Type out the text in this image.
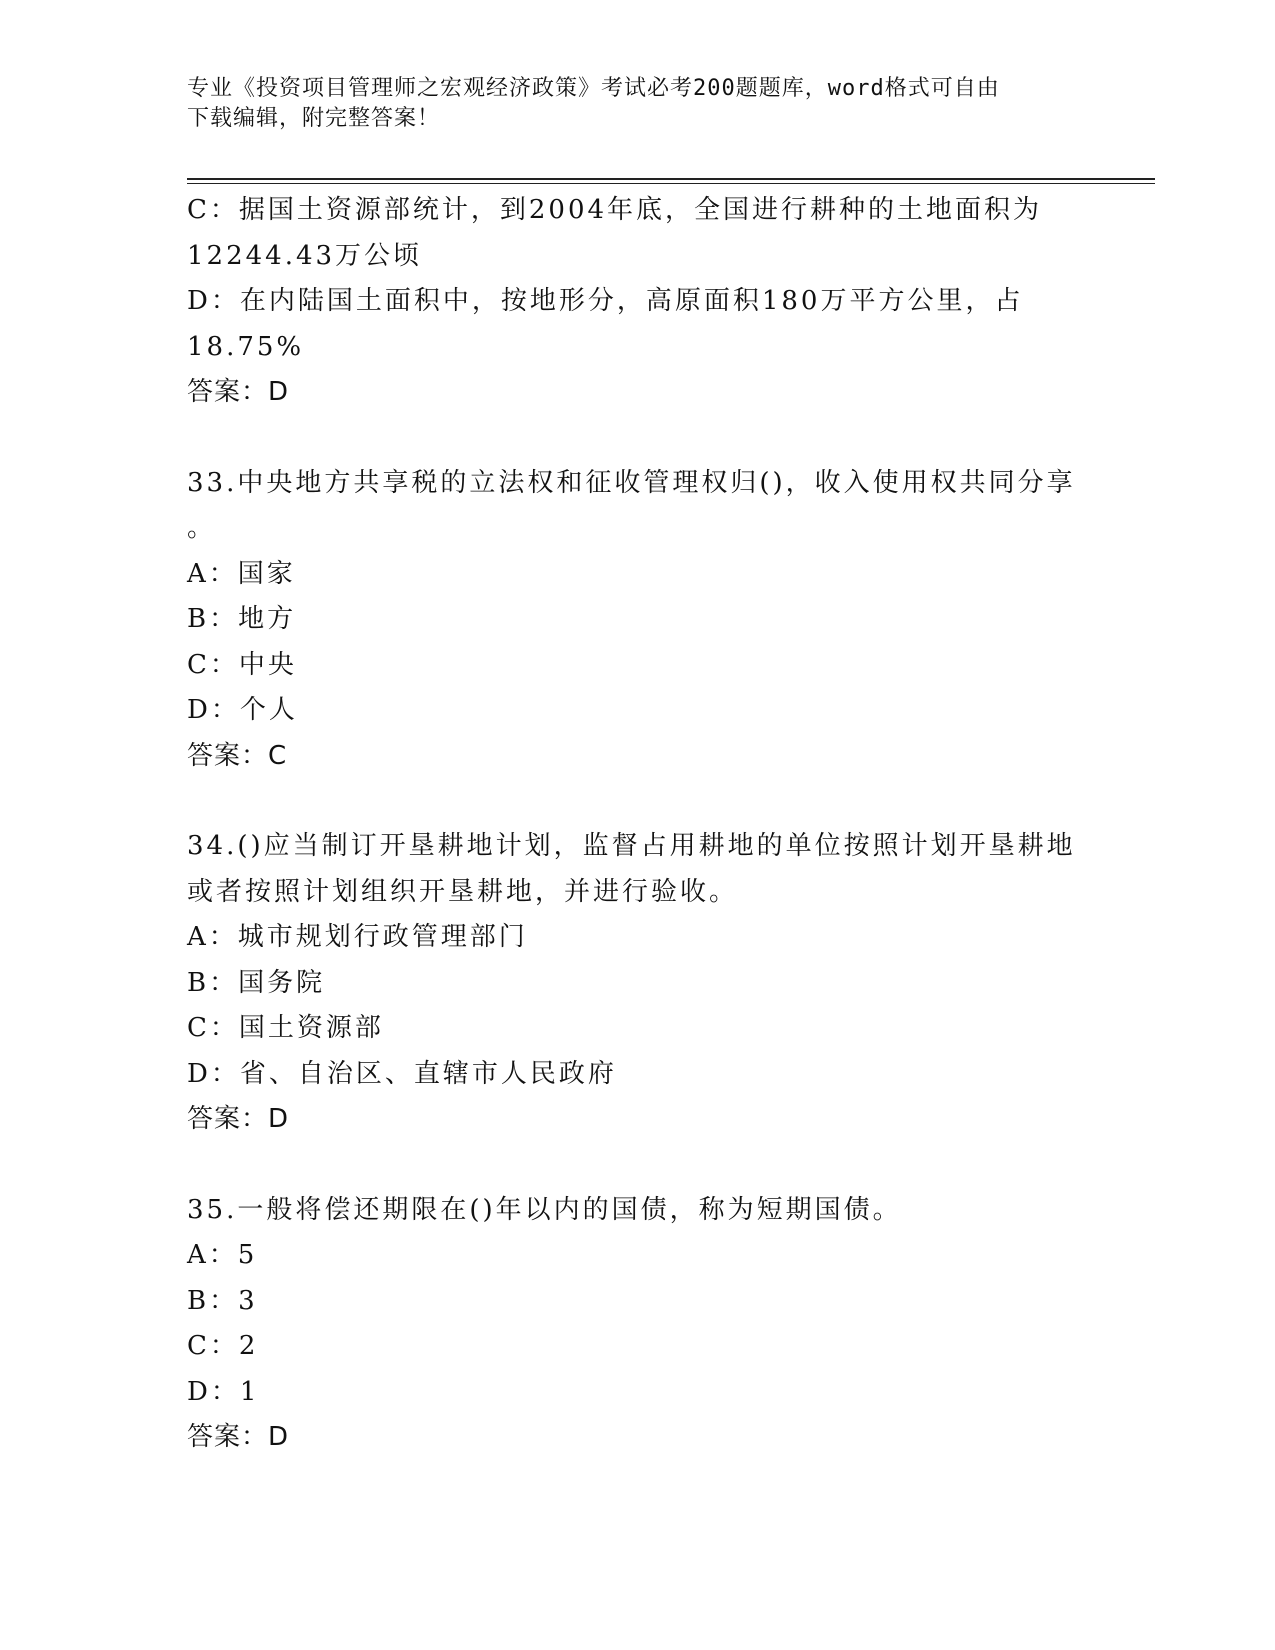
专业《投资项目管理师之宏观经济政策》考试必考200题题库，word格式可自由
下载编辑，附完整答案！
C：据国土资源部统计，到2004年底，全国进行耕种的土地面积为
12244.43万公顷
D：在内陆国土面积中，按地形分，高原面积180万平方公里，占
18.75%
答案：D
33.中央地方共享税的立法权和征收管理权归()，收入使用权共同分享
。
A：国家
B：地方
C：中央
D：个人
答案：C
34.()应当制订开垦耕地计划，监督占用耕地的单位按照计划开垦耕地
或者按照计划组织开垦耕地，并进行验收。
A：城市规划行政管理部门
B：国务院
C：国土资源部
D：省、自治区、直辖市人民政府
答案：D
35.一般将偿还期限在()年以内的国债，称为短期国债。
A：5
B：3
C：2
D：1
答案：D
